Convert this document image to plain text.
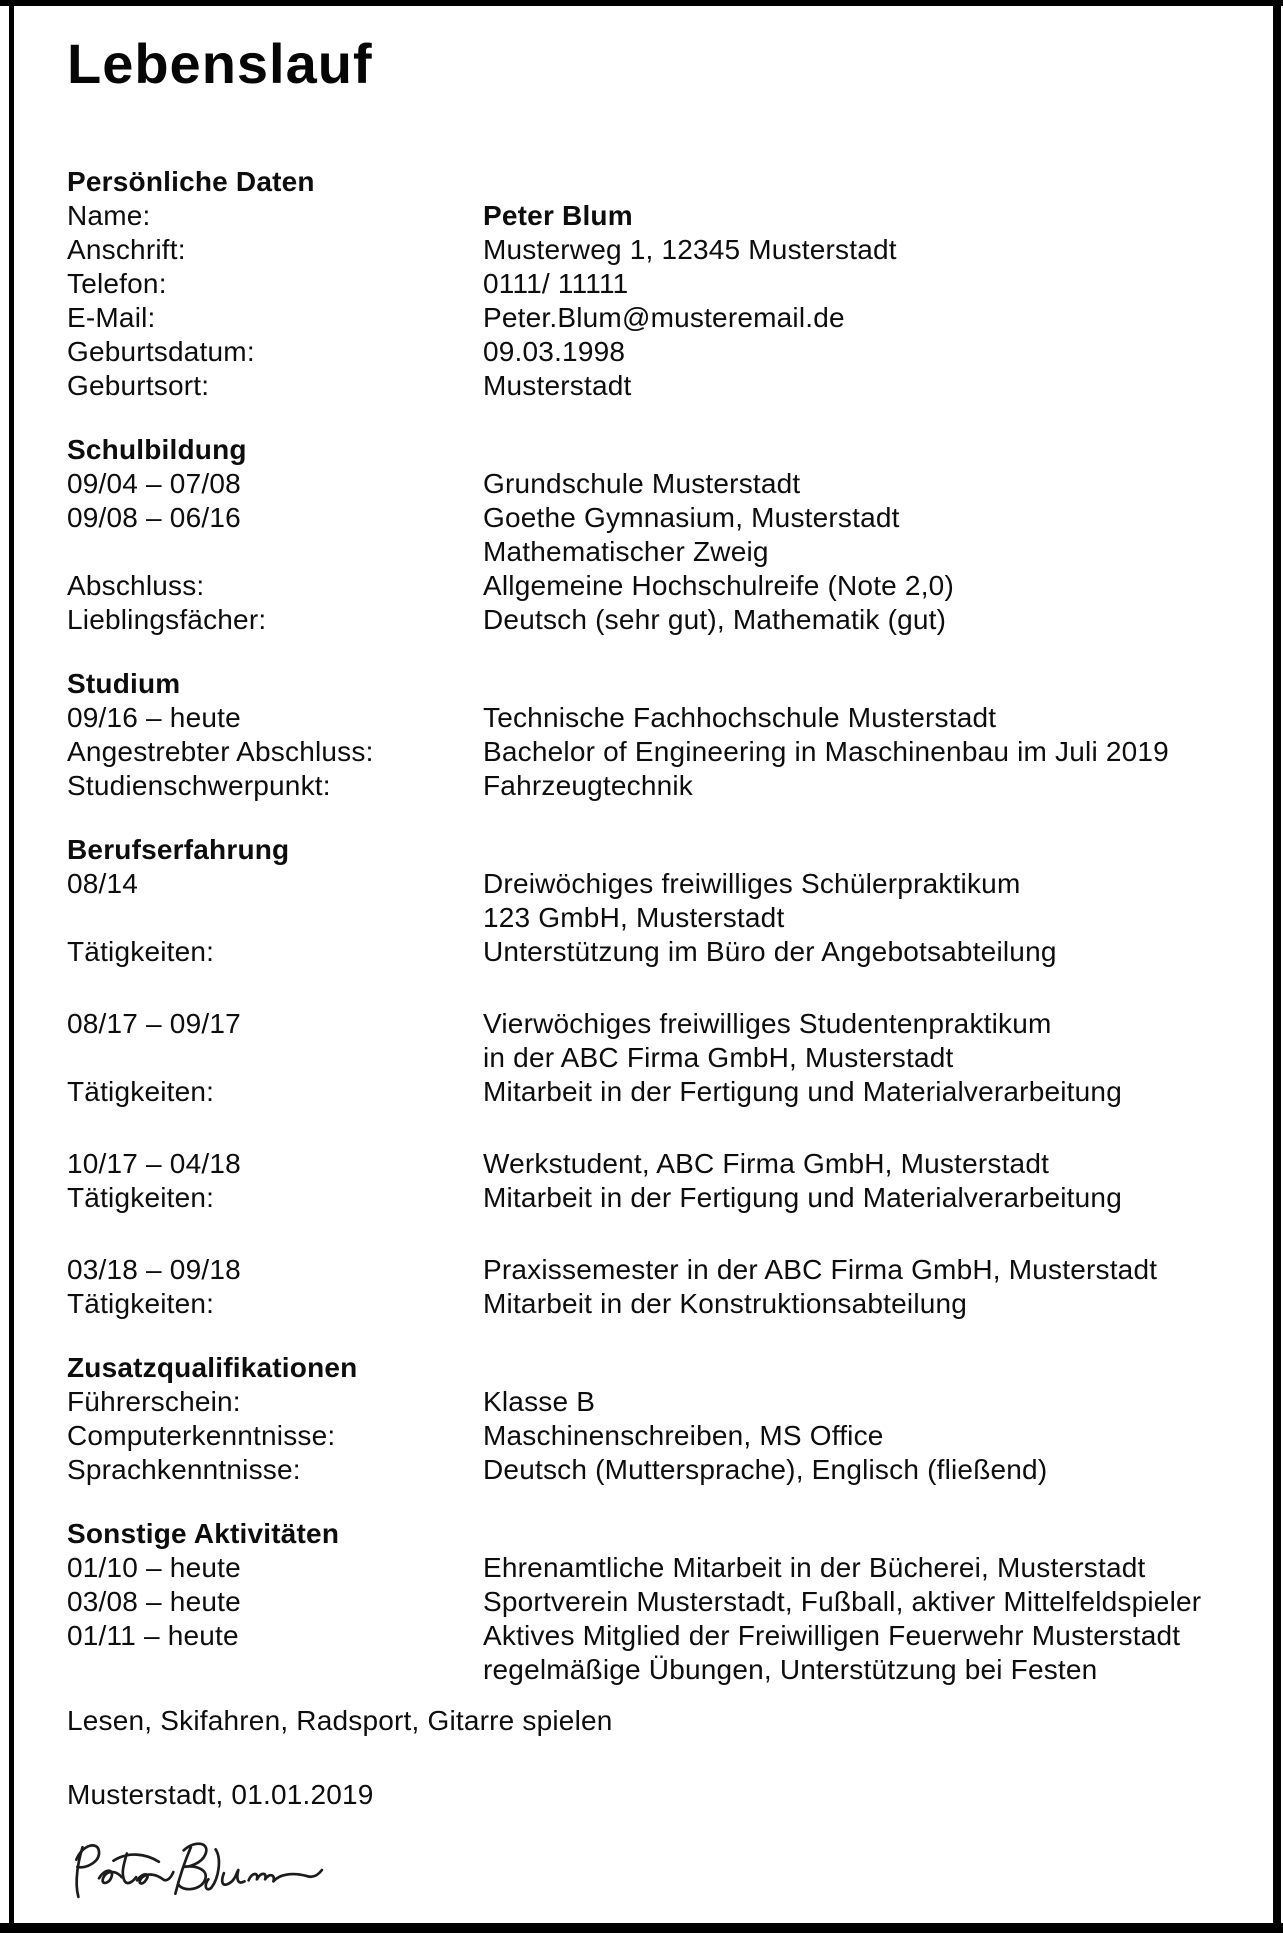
Lebenslauf
Persönliche Daten
Name:	Peter Blum
Anschrift:	Musterweg 1, 12345 Musterstadt
Telefon:	0111/ 11111
E-Mail:	Peter.Blum@musteremail.de
Geburtsdatum:	09.03.1998
Geburtsort:	Musterstadt
Schulbildung
09/04 – 07/08	Grundschule Musterstadt
09/08 – 06/16	Goethe Gymnasium, Musterstadt
Mathematischer Zweig
Abschluss:	Allgemeine Hochschulreife (Note 2,0)
Lieblingsfächer:	Deutsch (sehr gut), Mathematik (gut)
Studium
09/16 – heute	Technische Fachhochschule Musterstadt
Angestrebter Abschluss:	Bachelor of Engineering in Maschinenbau im Juli 2019
Studienschwerpunkt:	Fahrzeugtechnik
Berufserfahrung
08/14	Dreiwöchiges freiwilliges Schülerpraktikum
123 GmbH, Musterstadt
Tätigkeiten:	Unterstützung im Büro der Angebotsabteilung
08/17 – 09/17	Vierwöchiges freiwilliges Studentenpraktikum
in der ABC Firma GmbH, Musterstadt
Tätigkeiten:	Mitarbeit in der Fertigung und Materialverarbeitung
10/17 – 04/18	Werkstudent, ABC Firma GmbH, Musterstadt
Tätigkeiten:	Mitarbeit in der Fertigung und Materialverarbeitung
03/18 – 09/18	Praxissemester in der ABC Firma GmbH, Musterstadt
Tätigkeiten:	Mitarbeit in der Konstruktionsabteilung
Zusatzqualifikationen
Führerschein:	Klasse B
Computerkenntnisse:	Maschinenschreiben, MS Office
Sprachkenntnisse:	Deutsch (Muttersprache), Englisch (fließend)
Sonstige Aktivitäten
01/10 – heute	Ehrenamtliche Mitarbeit in der Bücherei, Musterstadt
03/08 – heute	Sportverein Musterstadt, Fußball, aktiver Mittelfeldspieler
01/11 – heute	Aktives Mitglied der Freiwilligen Feuerwehr Musterstadt
regelmäßige Übungen, Unterstützung bei Festen

Lesen, Skifahren, Radsport, Gitarre spielen

Musterstadt, 01.01.2019
